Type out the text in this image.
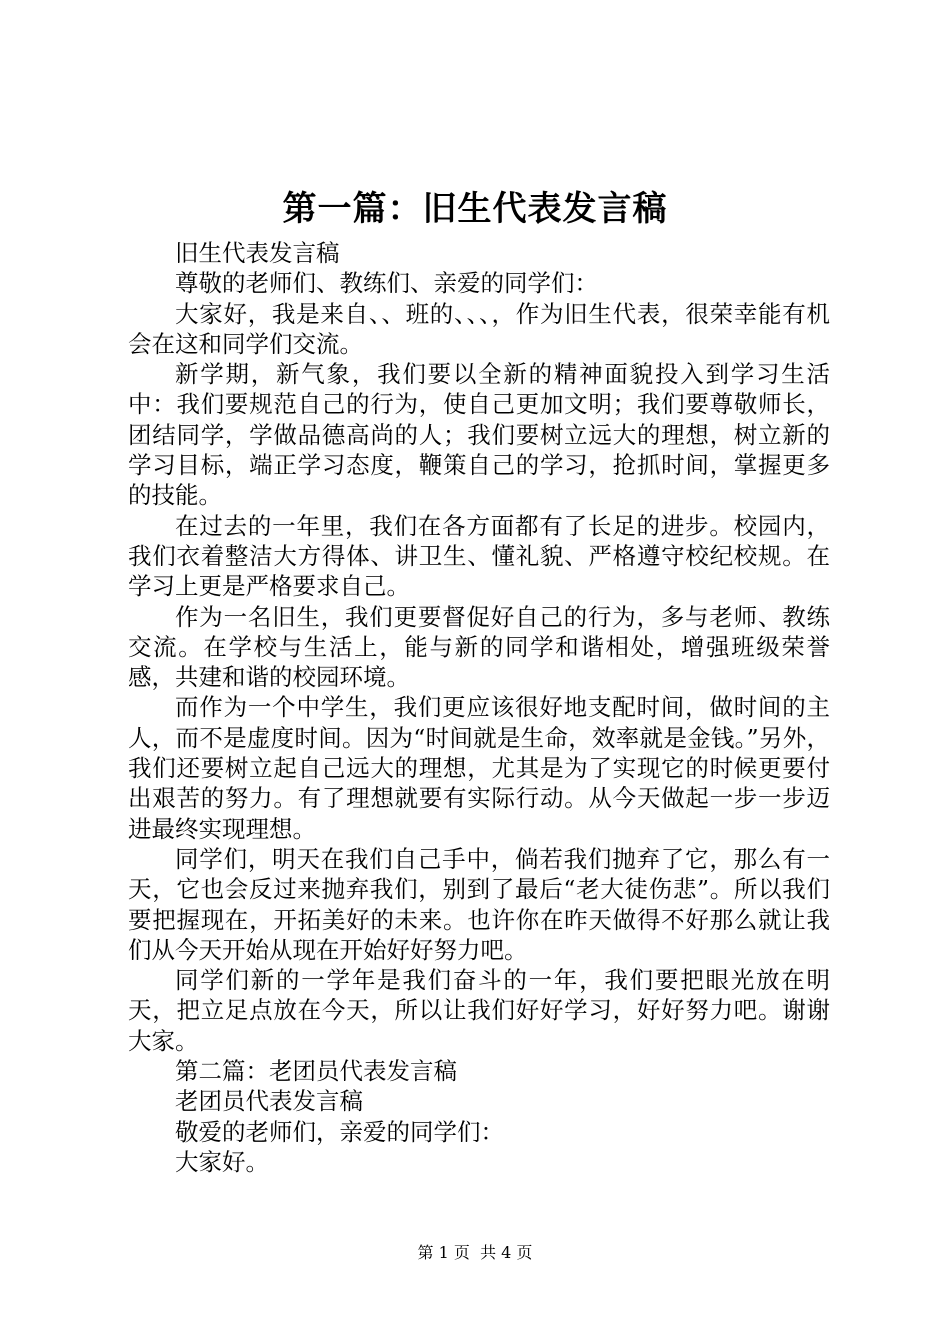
第一篇：旧生代表发言稿

旧生代表发言稿

尊敬的老师们、教练们、亲爱的同学们：

大家好，我是来自、、班的、、、，作为旧生代表，很荣幸能有机会在这和同学们交流。

新学期，新气象，我们要以全新的精神面貌投入到学习生活中：我们要规范自己的行为，使自己更加文明；我们要尊敬师长，团结同学，学做品德高尚的人；我们要树立远大的理想，树立新的学习目标，端正学习态度，鞭策自己的学习，抢抓时间，掌握更多的技能。

在过去的一年里，我们在各方面都有了长足的进步。校园内，我们衣着整洁大方得体、讲卫生、懂礼貌、严格遵守校纪校规。在学习上更是严格要求自己。

作为一名旧生，我们更要督促好自己的行为，多与老师、教练交流。在学校与生活上，能与新的同学和谐相处，增强班级荣誉感，共建和谐的校园环境。

而作为一个中学生，我们更应该很好地支配时间，做时间的主人，而不是虚度时间。因为“时间就是生命，效率就是金钱。”另外，我们还要树立起自己远大的理想，尤其是为了实现它的时候更要付出艰苦的努力。有了理想就要有实际行动。从今天做起一步一步迈进最终实现理想。

同学们，明天在我们自己手中，倘若我们抛弃了它，那么有一天，它也会反过来抛弃我们，别到了最后“老大徒伤悲”。所以我们要把握现在，开拓美好的未来。也许你在昨天做得不好那么就让我们从今天开始从现在开始好好努力吧。

同学们新的一学年是我们奋斗的一年，我们要把眼光放在明天，把立足点放在今天，所以让我们好好学习，好好努力吧。谢谢大家。

第二篇：老团员代表发言稿

老团员代表发言稿

敬爱的老师们，亲爱的同学们：

大家好。

第 1 页  共 4 页
